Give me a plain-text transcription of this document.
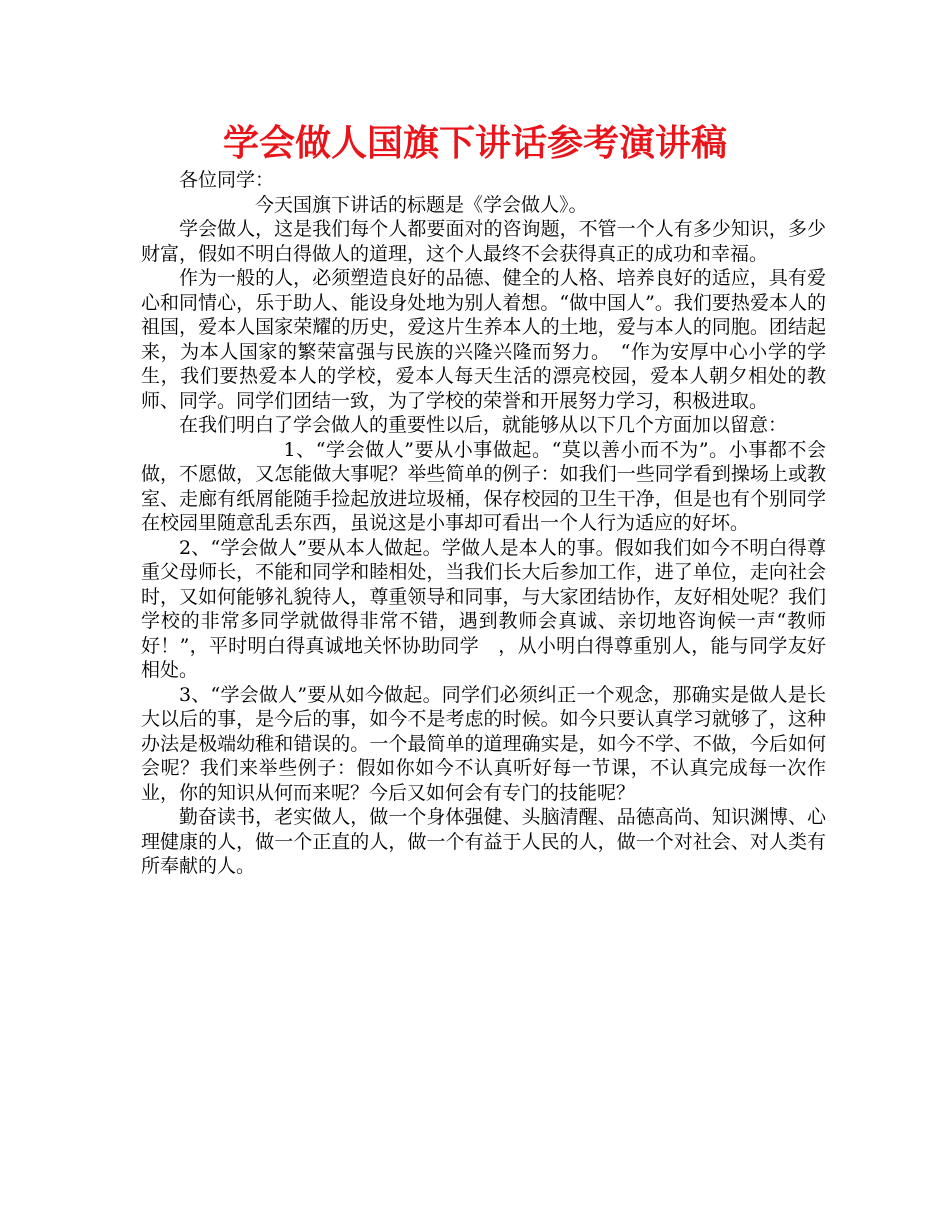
学会做人国旗下讲话参考演讲稿

各位同学：

今天国旗下讲话的标题是《学会做人》。

学会做人，这是我们每个人都要面对的咨询题，不管一个人有多少知识，多少财富，假如不明白得做人的道理，这个人最终不会获得真正的成功和幸福。

作为一般的人，必须塑造良好的品德、健全的人格、培养良好的适应，具有爱心和同情心，乐于助人、能设身处地为别人着想。“做中国人”。我们要热爱本人的祖国，爱本人国家荣耀的历史，爱这片生养本人的土地，爱与本人的同胞。团结起来，为本人国家的繁荣富强与民族的兴隆兴隆而努力。　“作为安厚中心小学的学生，我们要热爱本人的学校，爱本人每天生活的漂亮校园，爱本人朝夕相处的教师、同学。同学们团结一致，为了学校的荣誉和开展努力学习，积极进取。

在我们明白了学会做人的重要性以后，就能够从以下几个方面加以留意：

1、“学会做人”要从小事做起。“莫以善小而不为”。小事都不会做，不愿做，又怎能做大事呢？举些简单的例子：如我们一些同学看到操场上或教室、走廊有纸屑能随手捡起放进垃圾桶，保存校园的卫生干净，但是也有个别同学在校园里随意乱丢东西，虽说这是小事却可看出一个人行为适应的好坏。

2、“学会做人”要从本人做起。学做人是本人的事。假如我们如今不明白得尊重父母师长，不能和同学和睦相处，当我们长大后参加工作，进了单位，走向社会时，又如何能够礼貌待人，尊重领导和同事，与大家团结协作，友好相处呢？我们学校的非常多同学就做得非常不错，遇到教师会真诚、亲切地咨询候一声“教师好！”，平时明白得真诚地关怀协助同学　，从小明白得尊重别人，能与同学友好相处。

3、“学会做人”要从如今做起。同学们必须纠正一个观念，那确实是做人是长大以后的事，是今后的事，如今不是考虑的时候。如今只要认真学习就够了，这种办法是极端幼稚和错误的。一个最简单的道理确实是，如今不学、不做，今后如何会呢？我们来举些例子：假如你如今不认真听好每一节课，不认真完成每一次作业，你的知识从何而来呢？今后又如何会有专门的技能呢？

勤奋读书，老实做人，做一个身体强健、头脑清醒、品德高尚、知识渊博、心理健康的人，做一个正直的人，做一个有益于人民的人，做一个对社会、对人类有所奉献的人。
